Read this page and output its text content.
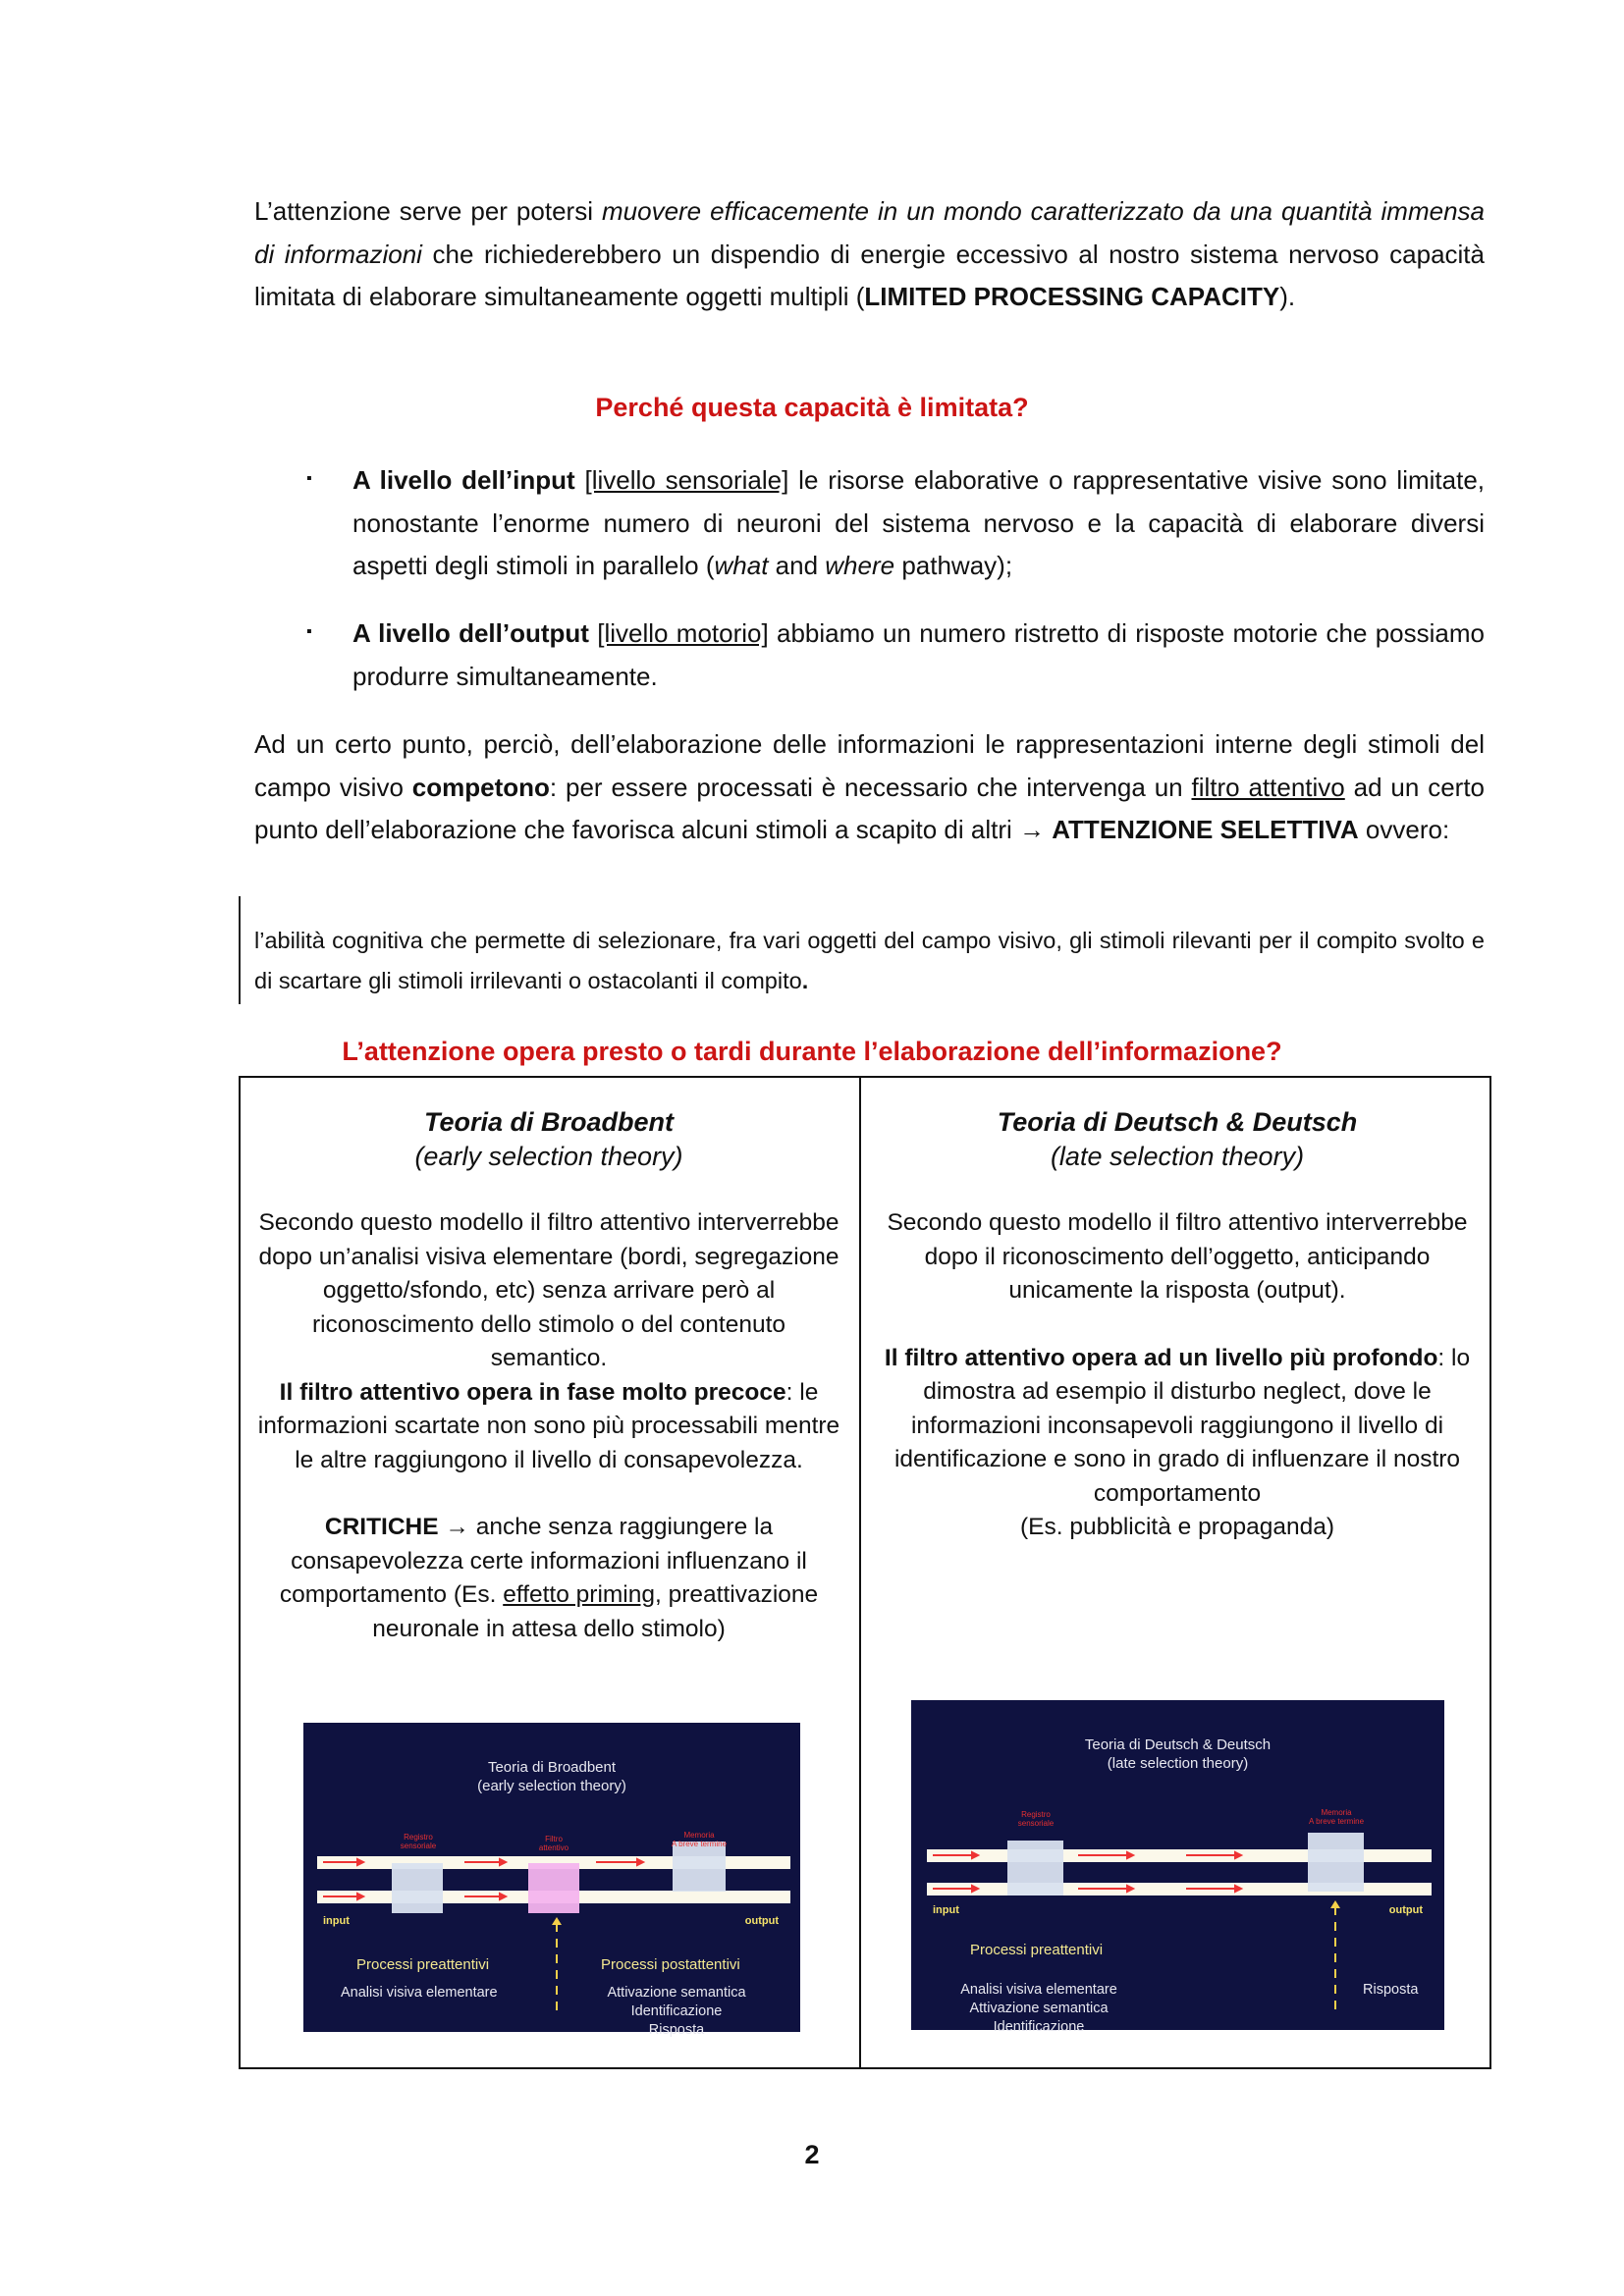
L’attenzione serve per potersi muovere efficacemente in un mondo caratterizzato da una quantità immensa di informazioni che richiederebbero un dispendio di energie eccessivo al nostro sistema nervoso capacità limitata di elaborare simultaneamente oggetti multipli (LIMITED PROCESSING CAPACITY).

Perché questa capacità è limitata?

▪ A livello dell’input [livello sensoriale] le risorse elaborative o rappresentative visive sono limitate, nonostante l’enorme numero di neuroni del sistema nervoso e la capacità di elaborare diversi aspetti degli stimoli in parallelo (what and where pathway);

▪ A livello dell’output [livello motorio] abbiamo un numero ristretto di risposte motorie che possiamo produrre simultaneamente.

Ad un certo punto, perciò, dell’elaborazione delle informazioni le rappresentazioni interne degli stimoli del campo visivo competono: per essere processati è necessario che intervenga un filtro attentivo ad un certo punto dell’elaborazione che favorisca alcuni stimoli a scapito di altri → ATTENZIONE SELETTIVA ovvero:

l’abilità cognitiva che permette di selezionare, fra vari oggetti del campo visivo, gli stimoli rilevanti per il compito svolto e di scartare gli stimoli irrilevanti o ostacolanti il compito.

L’attenzione opera presto o tardi durante l’elaborazione dell’informazione?

Teoria di Broadbent
(early selection theory)

Secondo questo modello il filtro attentivo interverrebbe dopo un’analisi visiva elementare (bordi, segregazione oggetto/sfondo, etc) senza arrivare però al riconoscimento dello stimolo o del contenuto semantico.

Il filtro attentivo opera in fase molto precoce: le informazioni scartate non sono più processabili mentre le altre raggiungono il livello di consapevolezza.

CRITICHE → anche senza raggiungere la consapevolezza certe informazioni influenzano il comportamento (Es. effetto priming, preattivazione neuronale in attesa dello stimolo)

Teoria di Deutsch & Deutsch
(late selection theory)

Secondo questo modello il filtro attentivo interverrebbe dopo il riconoscimento dell’oggetto, anticipando unicamente la risposta (output).

Il filtro attentivo opera ad un livello più profondo: lo dimostra ad esempio il disturbo neglect, dove le informazioni inconsapevoli raggiungono il livello di identificazione e sono in grado di influenzare il nostro comportamento

(Es. pubblicità e propaganda)

Teoria di Broadbent
(early selection theory)
Registro
sensoriale
Filtro
attentivo
Memoria
A breve termine
input	output
Processi preattentivi	Processi postattentivi
Analisi visiva elementare	Attivazione semantica
Identificazione
Risposta
Teoria di Deutsch & Deutsch
(late selection theory)
Registro
sensoriale
Memoria
A breve termine
input	output
Processi preattentivi
Analisi visiva elementare
Attivazione semantica
Identificazione
Risposta
2
